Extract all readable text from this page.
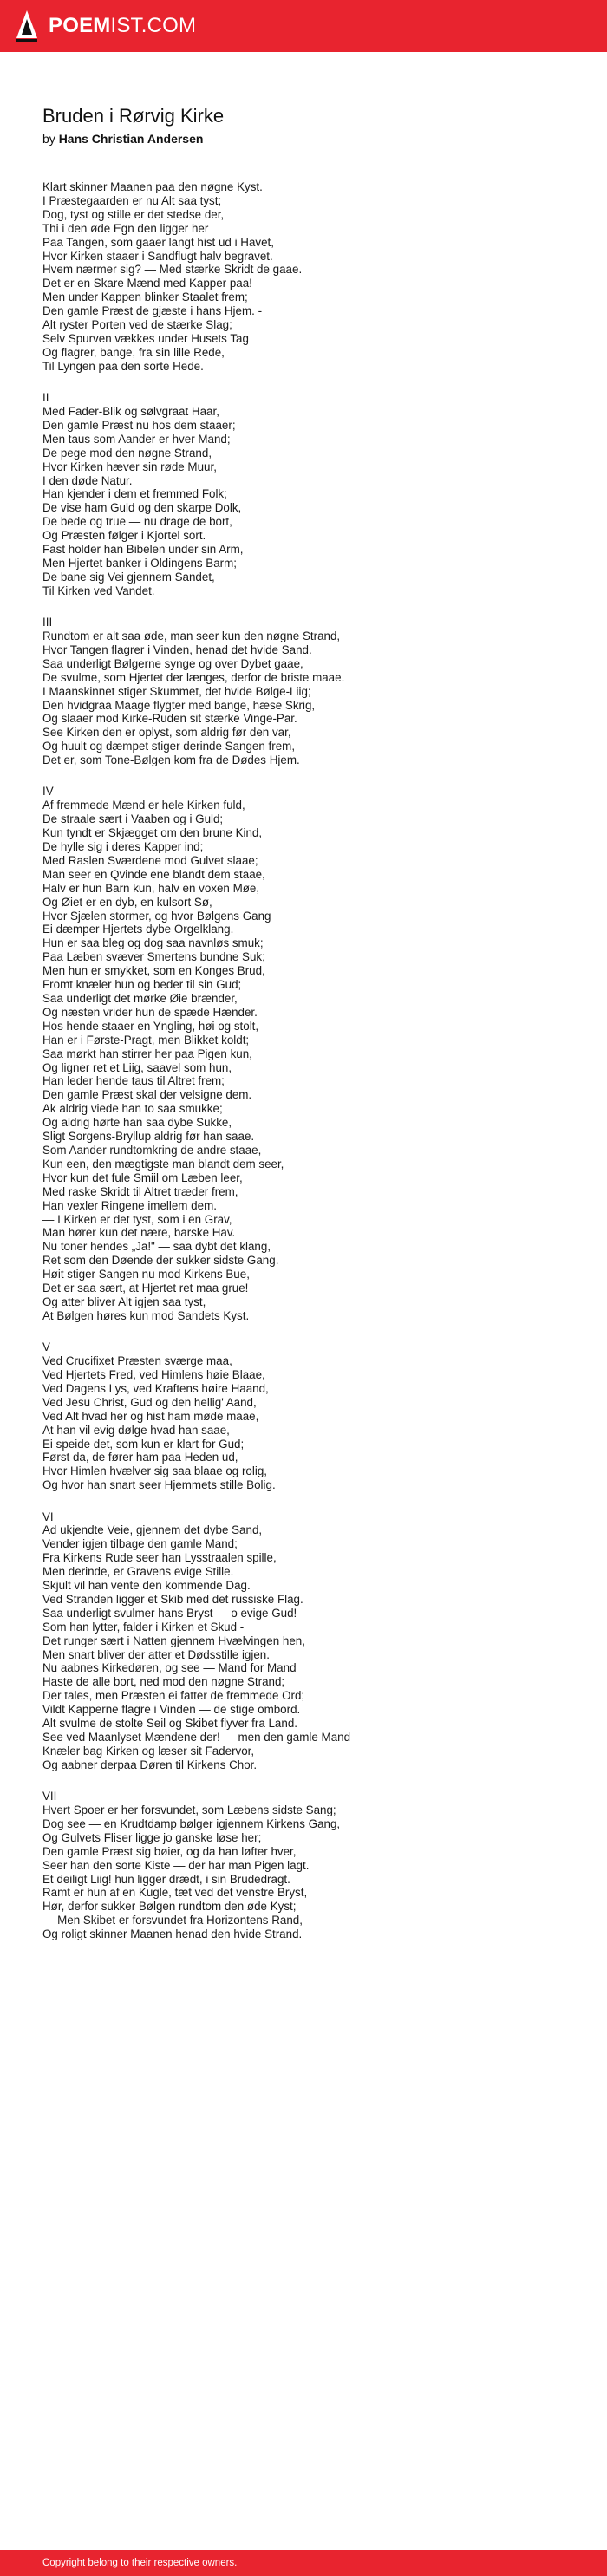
POEMIST.COM
Bruden i Rørvig Kirke
by Hans Christian Andersen
Klart skinner Maanen paa den nøgne Kyst.
I Præstegaarden er nu Alt saa tyst;
Dog, tyst og stille er det stedse der,
Thi i den øde Egn den ligger her
Paa Tangen, som gaaer langt hist ud i Havet,
Hvor Kirken staaer i Sandflugt halv begravet.
Hvem nærmer sig? — Med stærke Skridt de gaae.
Det er en Skare Mænd med Kapper paa!
Men under Kappen blinker Staalet frem;
Den gamle Præst de gjæste i hans Hjem. -
Alt ryster Porten ved de stærke Slag;
Selv Spurven vækkes under Husets Tag
Og flagrer, bange, fra sin lille Rede,
Til Lyngen paa den sorte Hede.
II
Med Fader-Blik og sølvgraat Haar,
Den gamle Præst nu hos dem staaer;
Men taus som Aander er hver Mand;
De pege mod den nøgne Strand,
Hvor Kirken hæver sin røde Muur,
I den døde Natur.
Han kjender i dem et fremmed Folk;
De vise ham Guld og den skarpe Dolk,
De bede og true — nu drage de bort,
Og Præsten følger i Kjortel sort.
Fast holder han Bibelen under sin Arm,
Men Hjertet banker i Oldingens Barm;
De bane sig Vei gjennem Sandet,
Til Kirken ved Vandet.
III
Rundtom er alt saa øde, man seer kun den nøgne Strand,
Hvor Tangen flagrer i Vinden, henad det hvide Sand.
Saa underligt Bølgerne synge og over Dybet gaae,
De svulme, som Hjertet der længes, derfor de briste maae.
I Maanskinnet stiger Skummet, det hvide Bølge-Liig;
Den hvidgraa Maage flygter med bange, hæse Skrig,
Og slaaer mod Kirke-Ruden sit stærke Vinge-Par.
See Kirken den er oplyst, som aldrig før den var,
Og huult og dæmpet stiger derinde Sangen frem,
Det er, som Tone-Bølgen kom fra de Dødes Hjem.
IV
Af fremmede Mænd er hele Kirken fuld,
De straale sært i Vaaben og i Guld;
Kun tyndt er Skjægget om den brune Kind,
De hylle sig i deres Kapper ind;
Med Raslen Sværdene mod Gulvet slaae;
Man seer en Qvinde ene blandt dem staae,
Halv er hun Barn kun, halv en voxen Møe,
Og Øiet er en dyb, en kulsort Sø,
Hvor Sjælen stormer, og hvor Bølgens Gang
Ei dæmper Hjertets dybe Orgelklang.
Hun er saa bleg og dog saa navnløs smuk;
Paa Læben svæver Smertens bundne Suk;
Men hun er smykket, som en Konges Brud,
Fromt knæler hun og beder til sin Gud;
Saa underligt det mørke Øie brænder,
Og næsten vrider hun de spæde Hænder.
Hos hende staaer en Yngling, høi og stolt,
Han er i Første-Pragt, men Blikket koldt;
Saa mørkt han stirrer her paa Pigen kun,
Og ligner ret et Liig, saavel som hun,
Han leder hende taus til Altret frem;
Den gamle Præst skal der velsigne dem.
Ak aldrig viede han to saa smukke;
Og aldrig hørte han saa dybe Sukke,
Sligt Sorgens-Bryllup aldrig før han saae.
Som Aander rundtomkring de andre staae,
Kun een, den mægtigste man blandt dem seer,
Hvor kun det fule Smiil om Læben leer,
Med raske Skridt til Altret træder frem,
Han vexler Ringene imellem dem.
— I Kirken er det tyst, som i en Grav,
Man hører kun det nære, barske Hav.
Nu toner hendes „Ja!" — saa dybt det klang,
Ret som den Døende der sukker sidste Gang.
Høit stiger Sangen nu mod Kirkens Bue,
Det er saa sært, at Hjertet ret maa grue!
Og atter bliver Alt igjen saa tyst,
At Bølgen høres kun mod Sandets Kyst.
V
Ved Crucifixet Præsten sværge maa,
Ved Hjertets Fred, ved Himlens høie Blaae,
Ved Dagens Lys, ved Kraftens høire Haand,
Ved Jesu Christ, Gud og den hellig' Aand,
Ved Alt hvad her og hist ham møde maae,
At han vil evig dølge hvad han saae,
Ei speide det, som kun er klart for Gud;
Først da, de fører ham paa Heden ud,
Hvor Himlen hvælver sig saa blaae og rolig,
Og hvor han snart seer Hjemmets stille Bolig.
VI
Ad ukjendte Veie, gjennem det dybe Sand,
Vender igjen tilbage den gamle Mand;
Fra Kirkens Rude seer han Lysstraalen spille,
Men derinde, er Gravens evige Stille.
Skjult vil han vente den kommende Dag.
Ved Stranden ligger et Skib med det russiske Flag.
Saa underligt svulmer hans Bryst — o evige Gud!
Som han lytter, falder i Kirken et Skud -
Det runger sært i Natten gjennem Hvælvingen hen,
Men snart bliver der atter et Dødsstille igjen.
Nu aabnes Kirkedøren, og see — Mand for Mand
Haste de alle bort, ned mod den nøgne Strand;
Der tales, men Præsten ei fatter de fremmede Ord;
Vildt Kapperne flagre i Vinden — de stige ombord.
Alt svulme de stolte Seil og Skibet flyver fra Land.
See ved Maanlyset Mændene der! — men den gamle Mand
Knæler bag Kirken og læser sit Fadervor,
Og aabner derpaa Døren til Kirkens Chor.
VII
Hvert Spoer er her forsvundet, som Læbens sidste Sang;
Dog see — en Krudtdamp bølger igjennem Kirkens Gang,
Og Gulvets Fliser ligge jo ganske løse her;
Den gamle Præst sig bøier, og da han løfter hver,
Seer han den sorte Kiste — der har man Pigen lagt.
Et deiligt Liig! hun ligger drædt, i sin Brudedragt.
Ramt er hun af en Kugle, tæt ved det venstre Bryst,
Hør, derfor sukker Bølgen rundtom den øde Kyst;
— Men Skibet er forsvundet fra Horizontens Rand,
Og roligt skinner Maanen henad den hvide Strand.
Copyright belong to their respective owners.
